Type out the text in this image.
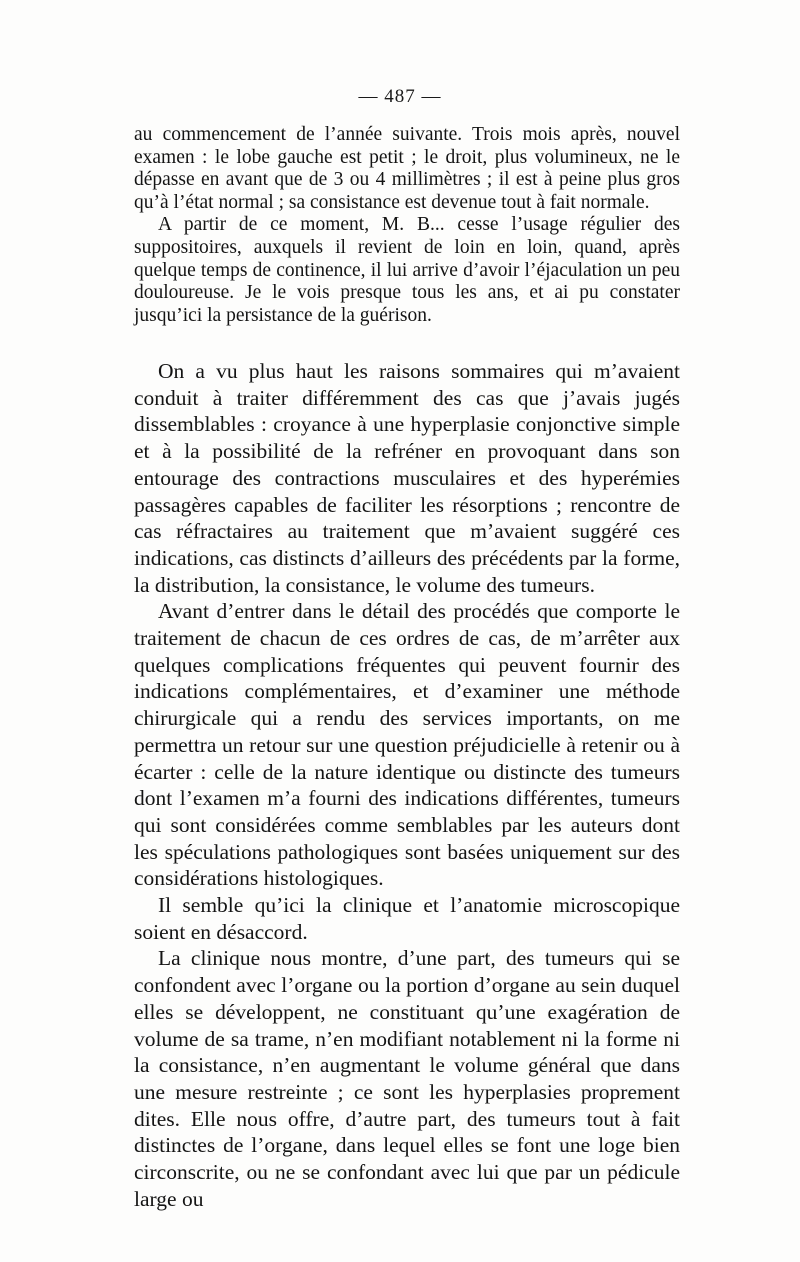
— 487 —

au commencement de l’année suivante. Trois mois après, nouvel examen : le lobe gauche est petit ; le droit, plus volumineux, ne le dépasse en avant que de 3 ou 4 millimètres ; il est à peine plus gros qu’à l’état normal ; sa consistance est devenue tout à fait normale.

A partir de ce moment, M. B... cesse l’usage régulier des suppositoires, auxquels il revient de loin en loin, quand, après quelque temps de continence, il lui arrive d’avoir l’éjaculation un peu douloureuse. Je le vois presque tous les ans, et ai pu constater jusqu’ici la persistance de la guérison.

On a vu plus haut les raisons sommaires qui m’avaient conduit à traiter différemment des cas que j’avais jugés dissemblables : croyance à une hyperplasie conjonctive simple et à la possibilité de la refréner en provoquant dans son entourage des contractions musculaires et des hyperémies passagères capables de faciliter les résorptions ; rencontre de cas réfractaires au traitement que m’avaient suggéré ces indications, cas distincts d’ailleurs des précédents par la forme, la distribution, la consistance, le volume des tumeurs.

Avant d’entrer dans le détail des procédés que comporte le traitement de chacun de ces ordres de cas, de m’arrêter aux quelques complications fréquentes qui peuvent fournir des indications complémentaires, et d’examiner une méthode chirurgicale qui a rendu des services importants, on me permettra un retour sur une question préjudicielle à retenir ou à écarter : celle de la nature identique ou distincte des tumeurs dont l’examen m’a fourni des indications différentes, tumeurs qui sont considérées comme semblables par les auteurs dont les spéculations pathologiques sont basées uniquement sur des considérations histologiques.

Il semble qu’ici la clinique et l’anatomie microscopique soient en désaccord.

La clinique nous montre, d’une part, des tumeurs qui se confondent avec l’organe ou la portion d’organe au sein duquel elles se développent, ne constituant qu’une exagération de volume de sa trame, n’en modifiant notablement ni la forme ni la consistance, n’en augmentant le volume général que dans une mesure restreinte ; ce sont les hyperplasies proprement dites. Elle nous offre, d’autre part, des tumeurs tout à fait distinctes de l’organe, dans lequel elles se font une loge bien circonscrite, ou ne se confondant avec lui que par un pédicule large ou
